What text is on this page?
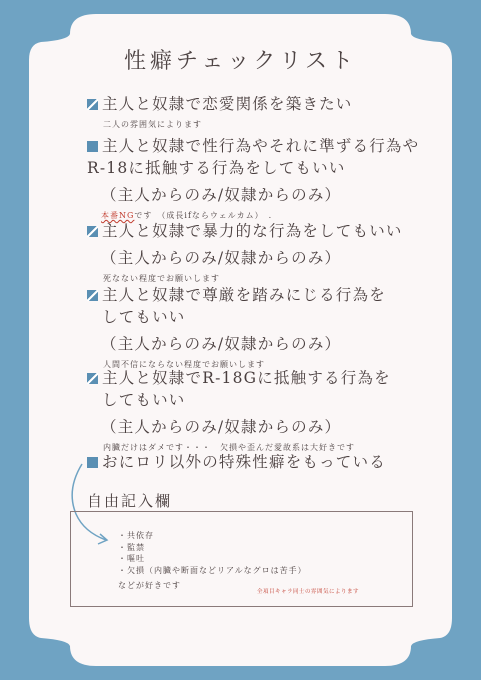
性癖チェックリスト
主人と奴隷で恋愛関係を築きたい
二人の雰囲気によります
主人と奴隷で性行為やそれに準ずる行為や
R-18に抵触する行為をしてもいい
（主人からのみ/奴隷からのみ）
本番NGです　（成長ifならウェルカム）　.
主人と奴隷で暴力的な行為をしてもいい
（主人からのみ/奴隷からのみ）
死なない程度でお願いします
主人と奴隷で尊厳を踏みにじる行為を
してもいい
（主人からのみ/奴隷からのみ）
人間不信にならない程度でお願いします
主人と奴隷でR-18Gに抵触する行為を
してもいい
（主人からのみ/奴隷からのみ）
内臓だけはダメです・・・　欠損や歪んだ愛故系は大好きです
おにロリ以外の特殊性癖をもっている
自由記入欄
・共依存
・監禁
・嘔吐
・欠損（内臓や断面などリアルなグロは苦手）
などが好きです
全項目キャラ同士の雰囲気によります
